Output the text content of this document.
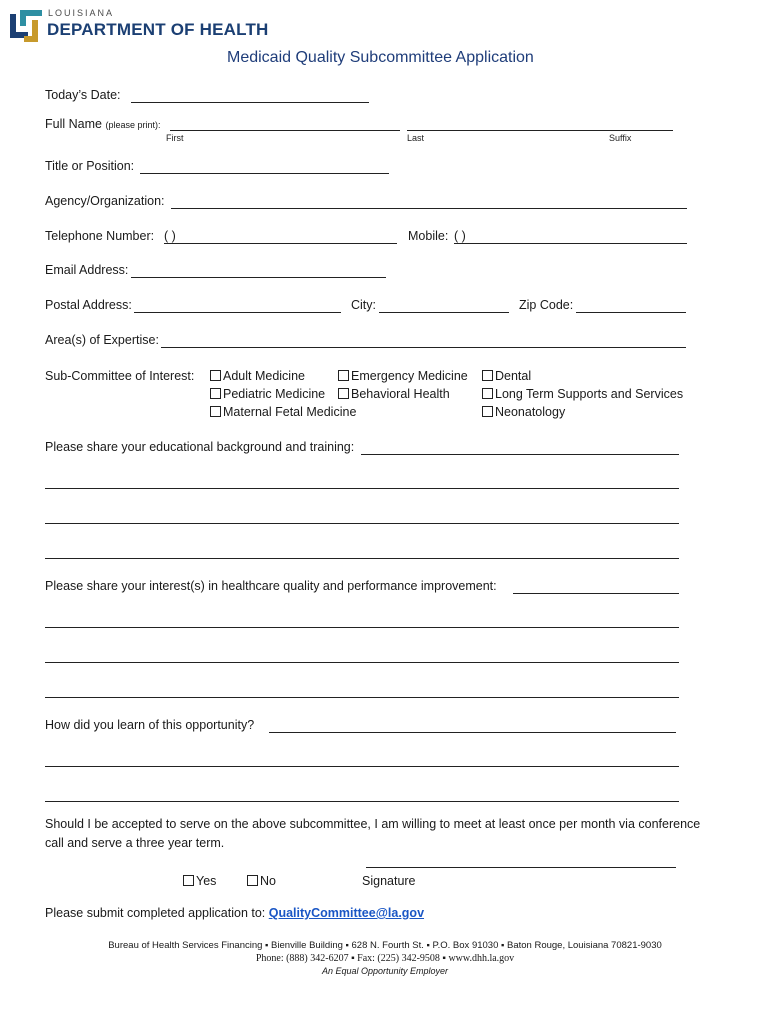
LOUISIANA
DEPARTMENT OF HEALTH
Medicaid Quality Subcommittee Application
Today’s Date:
Full Name (please print):
First	Last	Suffix
Title or Position:
Agency/Organization:
Telephone Number: ( )	Mobile: ( )
Email Address:
Postal Address:	City:	Zip Code:
Area(s) of Expertise:
Sub-Committee of Interest:	Adult Medicine	Emergency Medicine	Dental
Pediatric Medicine	Behavioral Health	Long Term Supports and Services
Maternal Fetal Medicine	Neonatology
Please share your educational background and training:
Please share your interest(s) in healthcare quality and performance improvement:
How did you learn of this opportunity?
Should I be accepted to serve on the above subcommittee, I am willing to meet at least once per month via conference
call and serve a three year term.
Yes	No	Signature
Please submit completed application to: QualityCommittee@la.gov
Bureau of Health Services Financing ▪ Bienville Building ▪ 628 N. Fourth St. ▪ P.O. Box 91030 ▪ Baton Rouge, Louisiana 70821-9030
Phone: (888) 342-6207 ▪ Fax: (225) 342-9508 ▪ www.dhh.la.gov
An Equal Opportunity Employer
